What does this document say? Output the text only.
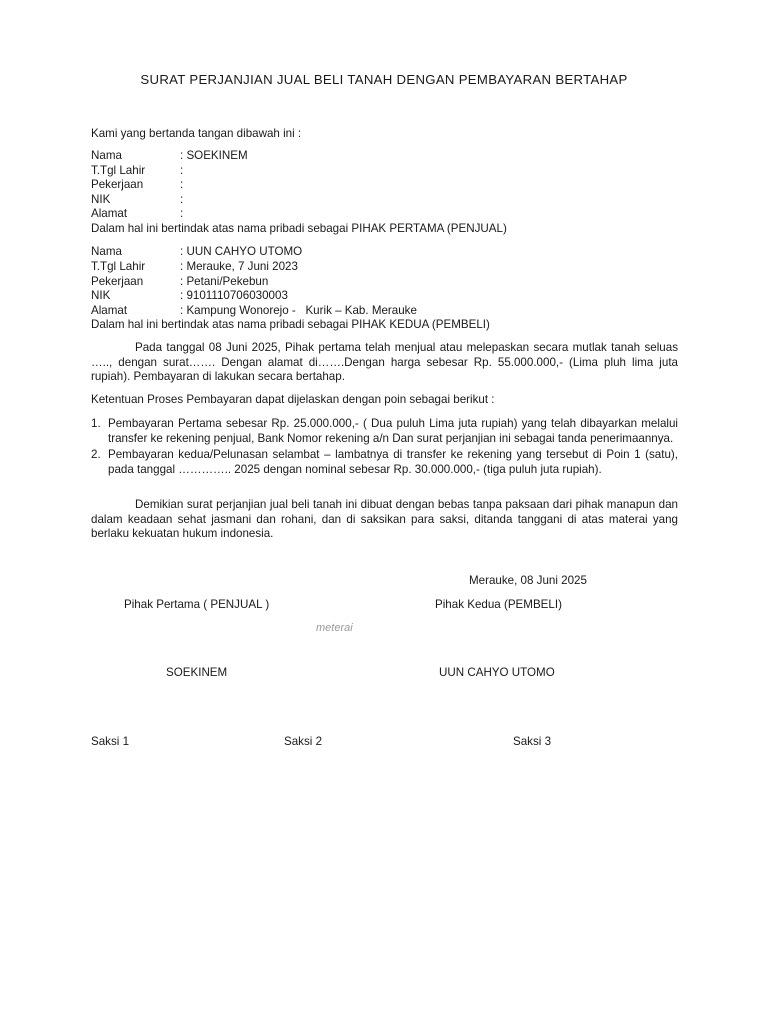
SURAT PERJANJIAN JUAL BELI TANAH DENGAN PEMBAYARAN BERTAHAP
Kami yang bertanda tangan dibawah ini :
Nama	: SOEKINEM
T.Tgl Lahir	:
Pekerjaan	:
NIK	:
Alamat	:
Dalam hal ini bertindak atas nama pribadi sebagai PIHAK PERTAMA (PENJUAL)
Nama	: UUN CAHYO UTOMO
T.Tgl Lahir	: Merauke, 7 Juni 2023
Pekerjaan	: Petani/Pekebun
NIK	: 9101110706030003
Alamat	: Kampung Wonorejo -   Kurik – Kab. Merauke
Dalam hal ini bertindak atas nama pribadi sebagai PIHAK KEDUA (PEMBELI)
Pada tanggal 08 Juni 2025, Pihak pertama telah menjual atau melepaskan secara mutlak tanah seluas ….., dengan surat……. Dengan alamat di…….Dengan harga sebesar Rp. 55.000.000,- (Lima pluh lima juta rupiah). Pembayaran di lakukan secara bertahap.
Ketentuan Proses Pembayaran dapat dijelaskan dengan poin sebagai berikut :
1. Pembayaran Pertama sebesar Rp. 25.000.000,- ( Dua puluh Lima juta rupiah) yang telah dibayarkan melalui transfer ke rekening penjual, Bank Nomor rekening a/n Dan surat perjanjian ini sebagai tanda penerimaannya.
2. Pembayaran kedua/Pelunasan selambat – lambatnya di transfer ke rekening yang tersebut di Poin 1 (satu), pada tanggal ………….. 2025 dengan nominal sebesar Rp. 30.000.000,- (tiga puluh juta rupiah).
Demikian surat perjanjian jual beli tanah ini dibuat dengan bebas tanpa paksaan dari pihak manapun dan dalam keadaan sehat jasmani dan rohani, dan di saksikan para saksi, ditanda tanggani di atas materai yang berlaku kekuatan hukum indonesia.
Merauke, 08 Juni 2025
Pihak Pertama ( PENJUAL )	Pihak Kedua (PEMBELI)
meterai
SOEKINEM	UUN CAHYO UTOMO
Saksi 1	Saksi 2	Saksi 3
